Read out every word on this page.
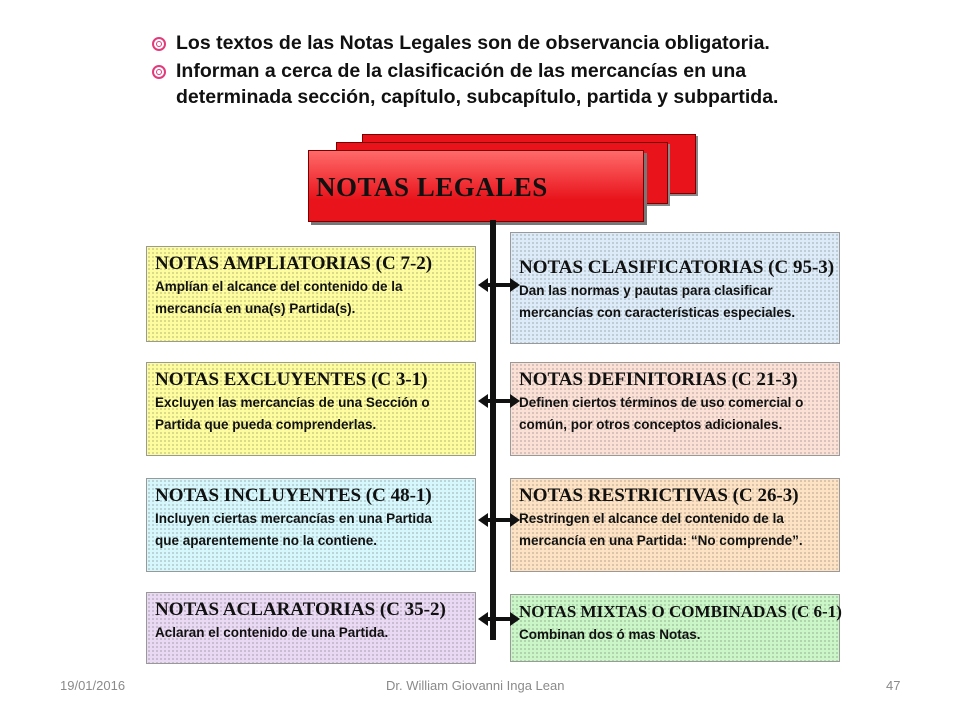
Los textos de las Notas Legales son de observancia obligatoria.
Informan a cerca de la clasificación de las mercancías en una
determinada sección, capítulo, subcapítulo, partida y subpartida.
NOTAS LEGALES
NOTAS AMPLIATORIAS (C 7-2)
Amplían el alcance del contenido de la
mercancía en una(s) Partida(s).
NOTAS EXCLUYENTES (C 3-1)
Excluyen las mercancías de una Sección o
Partida que pueda comprenderlas.
NOTAS INCLUYENTES (C 48-1)
Incluyen ciertas mercancías en una Partida
que aparentemente no la contiene.
NOTAS ACLARATORIAS (C 35-2)
Aclaran el contenido de una Partida.
NOTAS CLASIFICATORIAS (C 95-3)
Dan las normas y pautas para clasificar
mercancías con características especiales.
NOTAS DEFINITORIAS (C 21-3)
Definen ciertos términos de uso comercial o
común, por otros conceptos adicionales.
NOTAS RESTRICTIVAS (C 26-3)
Restringen el alcance del contenido de la
mercancía en una Partida: “No comprende”.
NOTAS MIXTAS O COMBINADAS (C 6-1)
Combinan dos ó mas Notas.
19/01/2016	Dr. William Giovanni Inga Lean	47
